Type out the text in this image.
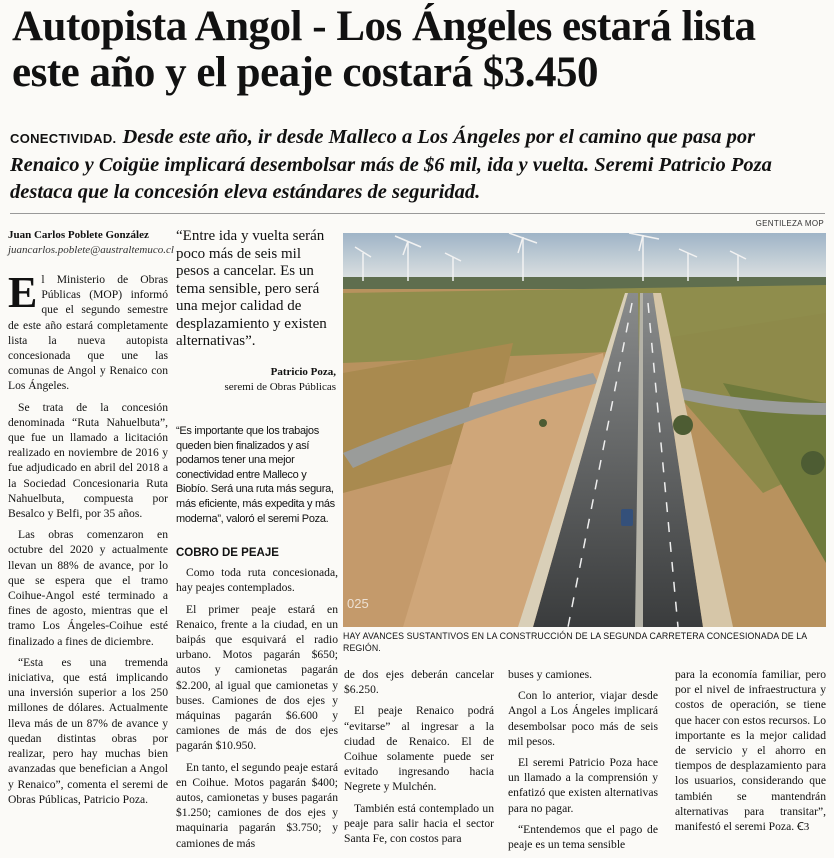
Autopista Angol - Los Ángeles estará lista este año y el peaje costará $3.450
CONECTIVIDAD. Desde este año, ir desde Malleco a Los Ángeles por el camino que pasa por Renaico y Coigüe implicará desembolsar más de $6 mil, ida y vuelta. Seremi Patricio Poza destaca que la concesión eleva estándares de seguridad.
Juan Carlos Poblete González
juancarlos.poblete@australtemuco.cl

El Ministerio de Obras Públicas (MOP) informó que el segundo semestre de este año estará completamente lista la nueva autopista concesionada que une las comunas de Angol y Renaico con Los Ángeles.

Se trata de la concesión denominada “Ruta Nahuelbuta”, que fue un llamado a licitación realizado en noviembre de 2016 y fue adjudicado en abril del 2018 a la Sociedad Concesionaria Ruta Nahuelbuta, compuesta por Besalco y Belfi, por 35 años.

Las obras comenzaron en octubre del 2020 y actualmente llevan un 88% de avance, por lo que se espera que el tramo Coihue-Angol esté terminado a fines de agosto, mientras que el tramo Los Ángeles-Coihue esté finalizado a fines de diciembre.

“Esta es una tremenda iniciativa, que está implicando una inversión superior a los 250 millones de dólares. Actualmente lleva más de un 87% de avance y quedan distintas obras por realizar, pero hay muchas bien avanzadas que benefician a Angol y Renaico”, comenta el seremi de Obras Públicas, Patricio Poza.

“Entre ida y vuelta serán poco más de seis mil pesos a cancelar. Es un tema sensible, pero será una mejor calidad de desplazamiento y existen alternativas”.
Patricio Poza,
seremi de Obras Públicas
“Es importante que los trabajos queden bien finalizados y así podamos tener una mejor conectividad entre Malleco y Biobío. Será una ruta más segura, más eficiente, más expedita y más moderna”, valoró el seremi Poza.

COBRO DE PEAJE

Como toda ruta concesionada, hay peajes contemplados.

El primer peaje estará en Renaico, frente a la ciudad, en un baipás que esquivará el radio urbano. Motos pagarán $650; autos y camionetas pagarán $2.200, al igual que camionetas y buses. Camiones de dos ejes y máquinas pagarán $6.600 y camiones de más de dos ejes pagarán $10.950.

En tanto, el segundo peaje estará en Coihue. Motos pagarán $400; autos, camionetas y buses pagarán $1.250; camiones de dos ejes y maquinaria pagarán $3.750; y camiones de más

GENTILEZA MOP
025
HAY AVANCES SUSTANTIVOS EN LA CONSTRUCCIÓN DE LA SEGUNDA CARRETERA CONCESIONADA DE LA REGIÓN.

de dos ejes deberán cancelar $6.250.

El peaje Renaico podrá “evitarse” al ingresar a la ciudad de Renaico. El de Coihue solamente puede ser evitado ingresando hacia Negrete y Mulchén.

También está contemplado un peaje para salir hacia el sector Santa Fe, con costos para

buses y camiones.

Con lo anterior, viajar desde Angol a Los Ángeles implicará desembolsar poco más de seis mil pesos.

El seremi Patricio Poza hace un llamado a la comprensión y enfatizó que existen alternativas para no pagar.

“Entendemos que el pago de peaje es un tema sensible

para la economía familiar, pero por el nivel de infraestructura y costos de operación, se tiene que hacer con estos recursos. Lo importante es la mejor calidad de servicio y el ahorro en tiempos de desplazamiento para los usuarios, considerando que también se mantendrán alternativas para transitar”, manifestó el seremi Poza. Ꞓ3
